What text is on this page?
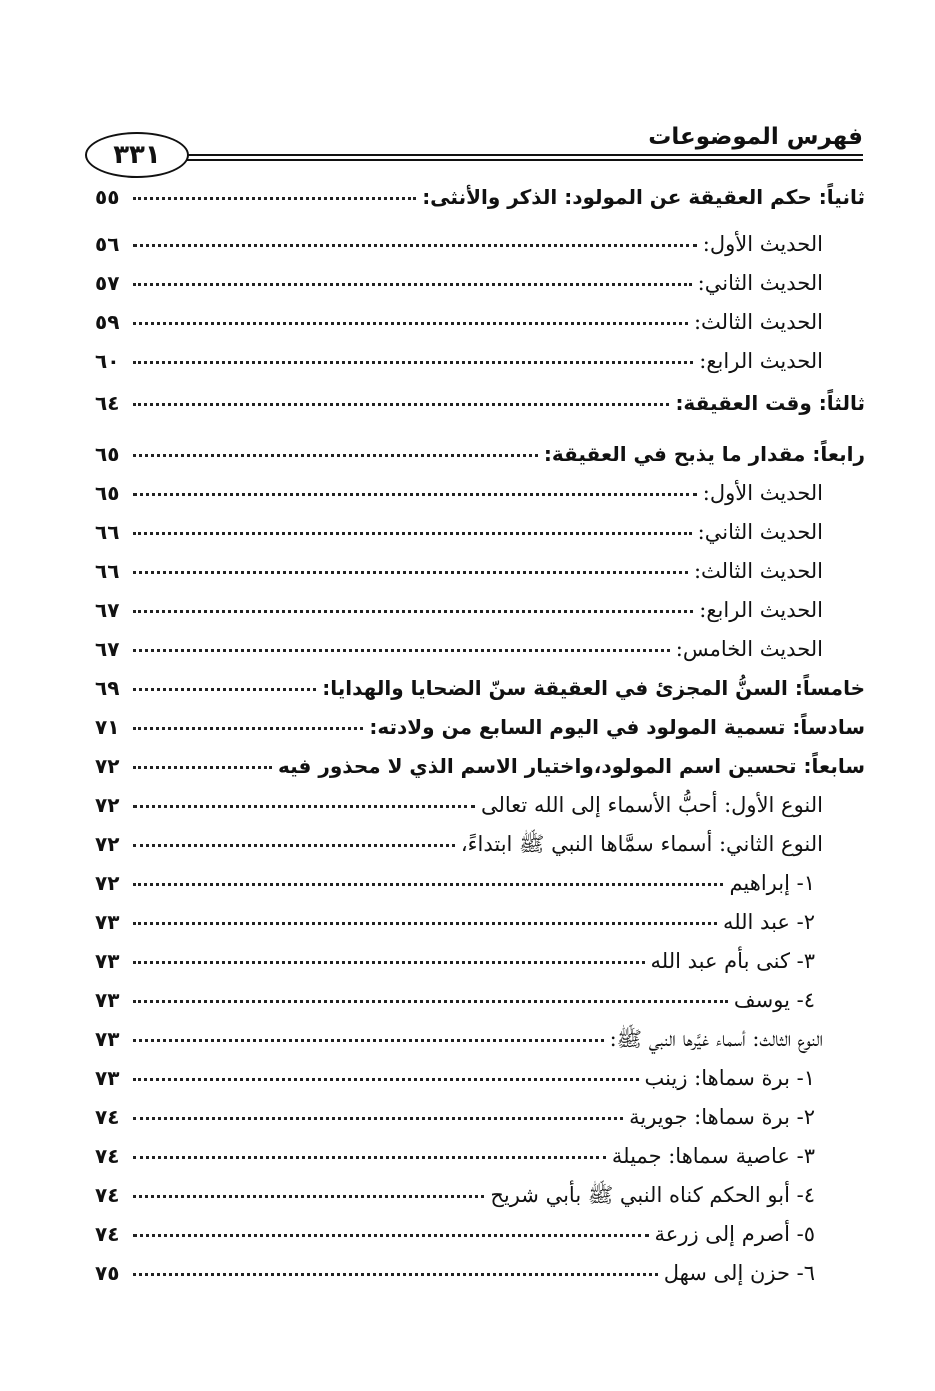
فهرس الموضوعات
٣٣١
ثانياً: حكم العقيقة عن المولود: الذكر والأنثى:
٥٥
الحديث الأول:
٥٦
الحديث الثاني:
٥٧
الحديث الثالث:
٥٩
الحديث الرابع:
٦٠
ثالثاً: وقت العقيقة:
٦٤
رابعاً: مقدار ما يذبح في العقيقة:
٦٥
الحديث الأول:
٦٥
الحديث الثاني:
٦٦
الحديث الثالث:
٦٦
الحديث الرابع:
٦٧
الحديث الخامس:
٦٧
خامساً: السنُّ المجزئ في العقيقة سنّ الضحايا والهدايا:
٦٩
سادساً: تسمية المولود في اليوم السابع من ولادته:
٧١
سابعاً: تحسين اسم المولود،واختيار الاسم الذي لا محذور فيه
٧٢
النوع الأول: أحبُّ الأسماء إلى الله تعالى
٧٢
النوع الثاني: أسماء سمَّاها النبي ﷺ ابتداءً،
٧٢
١- إبراهيم
٧٢
٢- عبد الله
٧٣
٣- كنى بأم عبد الله
٧٣
٤- يوسف
٧٣
النوع الثالث: أسماء غيَّرها النبي ﷺ:
٧٣
١- برة سماها: زينب
٧٣
٢- برة سماها: جويرية
٧٤
٣- عاصية سماها: جميلة
٧٤
٤- أبو الحكم كناه النبي ﷺ بأبي شريح
٧٤
٥- أصرم إلى زرعة
٧٤
٦- حزن إلى سهل
٧٥
